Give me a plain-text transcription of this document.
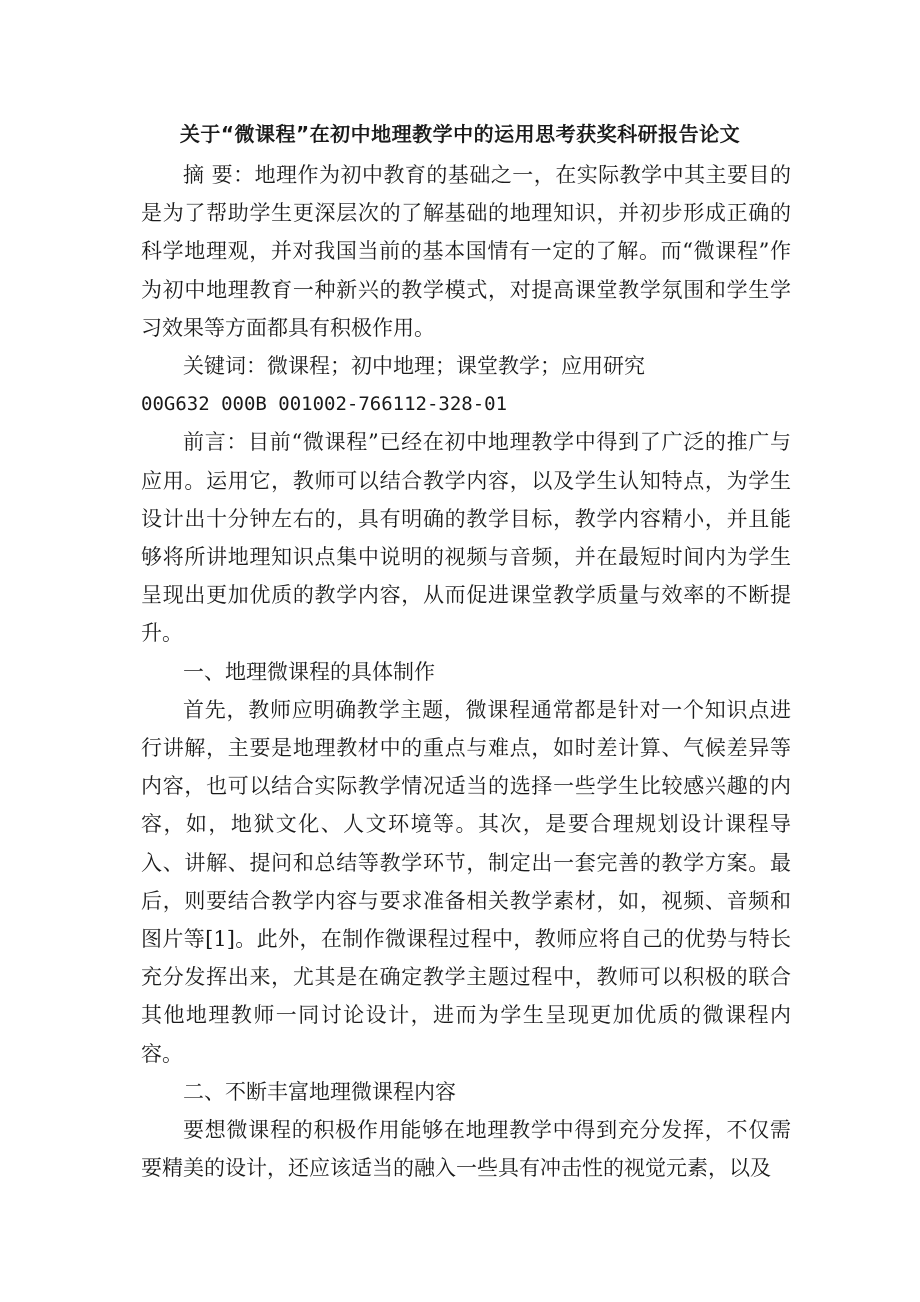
关于“微课程”在初中地理教学中的运用思考获奖科研报告论文

摘 要：地理作为初中教育的基础之一，在实际教学中其主要目的是为了帮助学生更深层次的了解基础的地理知识，并初步形成正确的科学地理观，并对我国当前的基本国情有一定的了解。而“微课程”作为初中地理教育一种新兴的教学模式，对提高课堂教学氛围和学生学习效果等方面都具有积极作用。

关键词：微课程；初中地理；课堂教学；应用研究

00G632 000B 001002-766112-328-01

前言：目前“微课程”已经在初中地理教学中得到了广泛的推广与应用。运用它，教师可以结合教学内容，以及学生认知特点，为学生设计出十分钟左右的，具有明确的教学目标，教学内容精小，并且能够将所讲地理知识点集中说明的视频与音频，并在最短时间内为学生呈现出更加优质的教学内容，从而促进课堂教学质量与效率的不断提升。

一、地理微课程的具体制作

首先，教师应明确教学主题，微课程通常都是针对一个知识点进行讲解，主要是地理教材中的重点与难点，如时差计算、气候差异等内容，也可以结合实际教学情况适当的选择一些学生比较感兴趣的内容，如，地狱文化、人文环境等。其次，是要合理规划设计课程导入、讲解、提问和总结等教学环节，制定出一套完善的教学方案。最后，则要结合教学内容与要求准备相关教学素材，如，视频、音频和图片等[1]。此外，在制作微课程过程中，教师应将自己的优势与特长充分发挥出来，尤其是在确定教学主题过程中，教师可以积极的联合其他地理教师一同讨论设计，进而为学生呈现更加优质的微课程内容。

二、不断丰富地理微课程内容

要想微课程的积极作用能够在地理教学中得到充分发挥，不仅需要精美的设计，还应该适当的融入一些具有冲击性的视觉元素，以及
